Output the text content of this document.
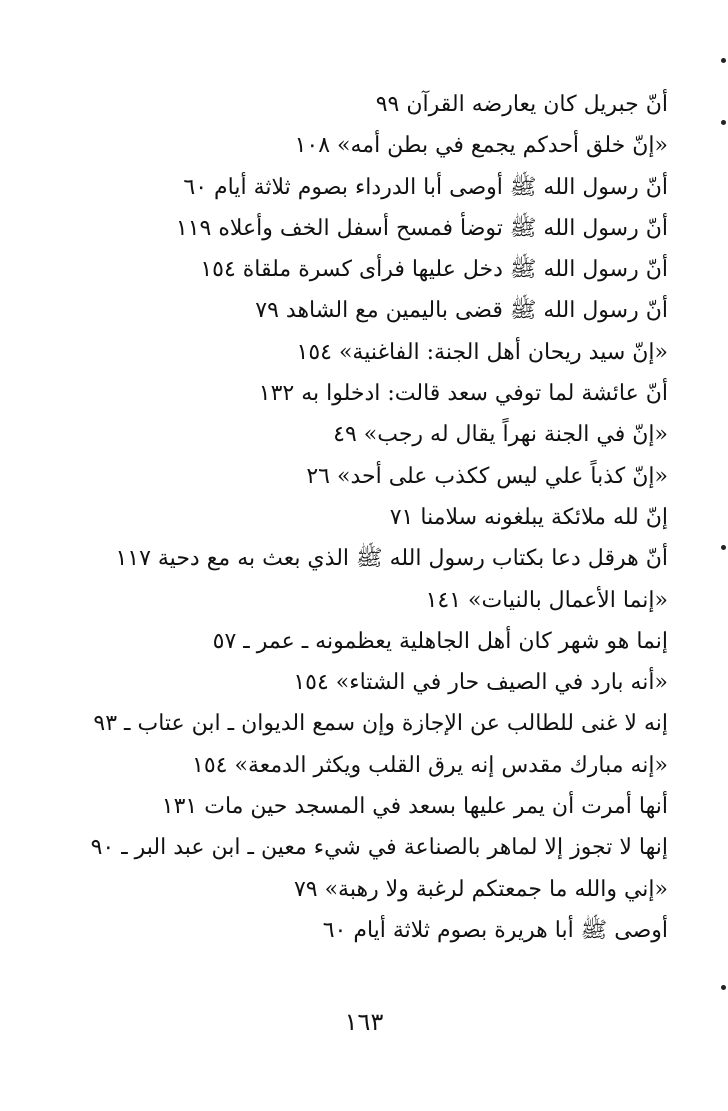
أنّ جبريل كان يعارضه القرآن ٩٩
«إنّ خلق أحدكم يجمع في بطن أمه» ١٠٨
أنّ رسول الله ﷺ أوصى أبا الدرداء بصوم ثلاثة أيام ٦٠
أنّ رسول الله ﷺ توضأ فمسح أسفل الخف وأعلاه ١١٩
أنّ رسول الله ﷺ دخل عليها فرأى كسرة ملقاة ١٥٤
أنّ رسول الله ﷺ قضى باليمين مع الشاهد ٧٩
«إنّ سيد ريحان أهل الجنة: الفاغنية» ١٥٤
أنّ عائشة لما توفي سعد قالت: ادخلوا به ١٣٢
«إنّ في الجنة نهراً يقال له رجب» ٤٩
«إنّ كذباً علي ليس ككذب على أحد» ٢٦
إنّ لله ملائكة يبلغونه سلامنا ٧١
أنّ هرقل دعا بكتاب رسول الله ﷺ الذي بعث به مع دحية ١١٧
«إنما الأعمال بالنيات» ١٤١
إنما هو شهر كان أهل الجاهلية يعظمونه ـ عمر ـ ٥٧
«أنه بارد في الصيف حار في الشتاء» ١٥٤
إنه لا غنى للطالب عن الإجازة وإن سمع الديوان ـ ابن عتاب ـ ٩٣
«إنه مبارك مقدس إنه يرق القلب ويكثر الدمعة» ١٥٤
أنها أمرت أن يمر عليها بسعد في المسجد حين مات ١٣١
إنها لا تجوز إلا لماهر بالصناعة في شيء معين ـ ابن عبد البر ـ ٩٠
«إني والله ما جمعتكم لرغبة ولا رهبة» ٧٩
أوصى ﷺ أبا هريرة بصوم ثلاثة أيام ٦٠
١٦٣
